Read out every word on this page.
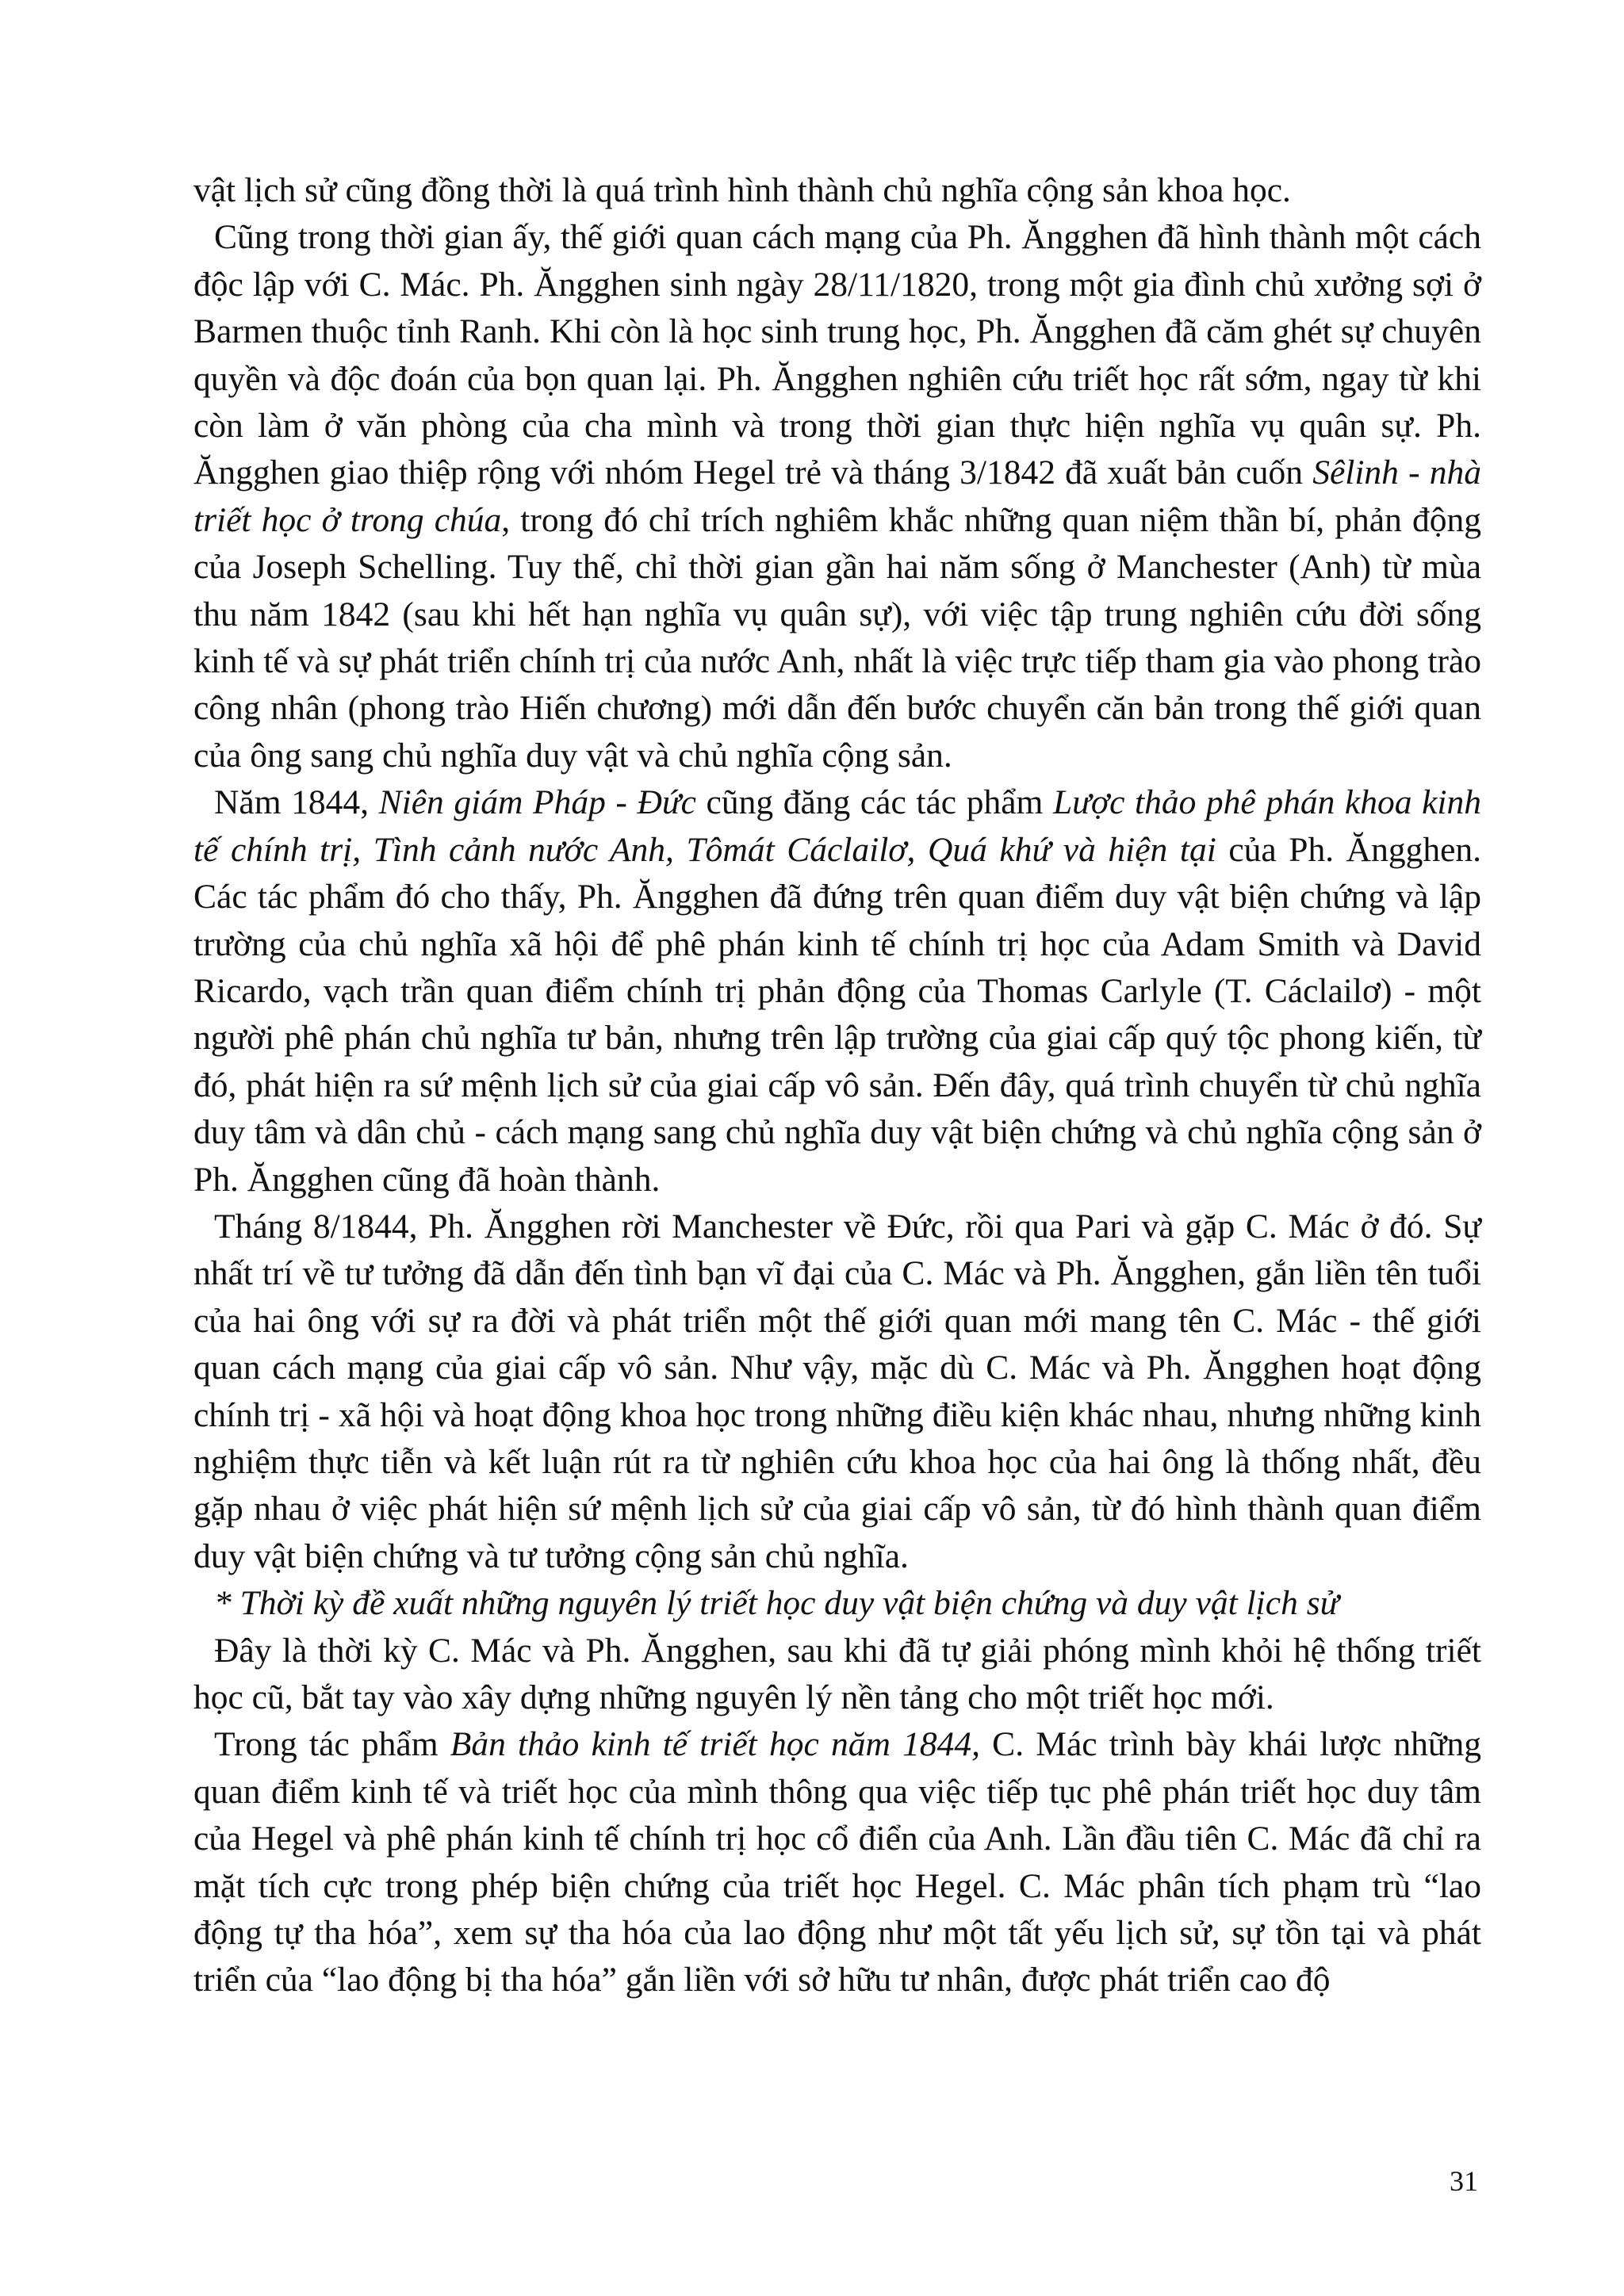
vật lịch sử cũng đồng thời là quá trình hình thành chủ nghĩa cộng sản khoa học.

Cũng trong thời gian ấy, thế giới quan cách mạng của Ph. Ăngghen đã hình thành một cách độc lập với C. Mác. Ph. Ăngghen sinh ngày 28/11/1820, trong một gia đình chủ xưởng sợi ở Barmen thuộc tỉnh Ranh. Khi còn là học sinh trung học, Ph. Ăngghen đã căm ghét sự chuyên quyền và độc đoán của bọn quan lại. Ph. Ăngghen nghiên cứu triết học rất sớm, ngay từ khi còn làm ở văn phòng của cha mình và trong thời gian thực hiện nghĩa vụ quân sự. Ph. Ăngghen giao thiệp rộng với nhóm Hegel trẻ và tháng 3/1842 đã xuất bản cuốn Sêlinh - nhà triết học ở trong chúa, trong đó chỉ trích nghiêm khắc những quan niệm thần bí, phản động của Joseph Schelling. Tuy thế, chỉ thời gian gần hai năm sống ở Manchester (Anh) từ mùa thu năm 1842 (sau khi hết hạn nghĩa vụ quân sự), với việc tập trung nghiên cứu đời sống kinh tế và sự phát triển chính trị của nước Anh, nhất là việc trực tiếp tham gia vào phong trào công nhân (phong trào Hiến chương) mới dẫn đến bước chuyển căn bản trong thế giới quan của ông sang chủ nghĩa duy vật và chủ nghĩa cộng sản.

Năm 1844, Niên giám Pháp - Đức cũng đăng các tác phẩm Lược thảo phê phán khoa kinh tế chính trị, Tình cảnh nước Anh, Tômát Cáclailơ, Quá khứ và hiện tại của Ph. Ăngghen. Các tác phẩm đó cho thấy, Ph. Ăngghen đã đứng trên quan điểm duy vật biện chứng và lập trường của chủ nghĩa xã hội để phê phán kinh tế chính trị học của Adam Smith và David Ricardo, vạch trần quan điểm chính trị phản động của Thomas Carlyle (T. Cáclailơ) - một người phê phán chủ nghĩa tư bản, nhưng trên lập trường của giai cấp quý tộc phong kiến, từ đó, phát hiện ra sứ mệnh lịch sử của giai cấp vô sản. Đến đây, quá trình chuyển từ chủ nghĩa duy tâm và dân chủ - cách mạng sang chủ nghĩa duy vật biện chứng và chủ nghĩa cộng sản ở Ph. Ăngghen cũng đã hoàn thành.

Tháng 8/1844, Ph. Ăngghen rời Manchester về Đức, rồi qua Pari và gặp C. Mác ở đó. Sự nhất trí về tư tưởng đã dẫn đến tình bạn vĩ đại của C. Mác và Ph. Ăngghen, gắn liền tên tuổi của hai ông với sự ra đời và phát triển một thế giới quan mới mang tên C. Mác - thế giới quan cách mạng của giai cấp vô sản. Như vậy, mặc dù C. Mác và Ph. Ăngghen hoạt động chính trị - xã hội và hoạt động khoa học trong những điều kiện khác nhau, nhưng những kinh nghiệm thực tiễn và kết luận rút ra từ nghiên cứu khoa học của hai ông là thống nhất, đều gặp nhau ở việc phát hiện sứ mệnh lịch sử của giai cấp vô sản, từ đó hình thành quan điểm duy vật biện chứng và tư tưởng cộng sản chủ nghĩa.

* Thời kỳ đề xuất những nguyên lý triết học duy vật biện chứng và duy vật lịch sử

Đây là thời kỳ C. Mác và Ph. Ăngghen, sau khi đã tự giải phóng mình khỏi hệ thống triết học cũ, bắt tay vào xây dựng những nguyên lý nền tảng cho một triết học mới.

Trong tác phẩm Bản thảo kinh tế triết học năm 1844, C. Mác trình bày khái lược những quan điểm kinh tế và triết học của mình thông qua việc tiếp tục phê phán triết học duy tâm của Hegel và phê phán kinh tế chính trị học cổ điển của Anh. Lần đầu tiên C. Mác đã chỉ ra mặt tích cực trong phép biện chứng của triết học Hegel. C. Mác phân tích phạm trù “lao động tự tha hóa”, xem sự tha hóa của lao động như một tất yếu lịch sử, sự tồn tại và phát triển của “lao động bị tha hóa” gắn liền với sở hữu tư nhân, được phát triển cao độ

31
